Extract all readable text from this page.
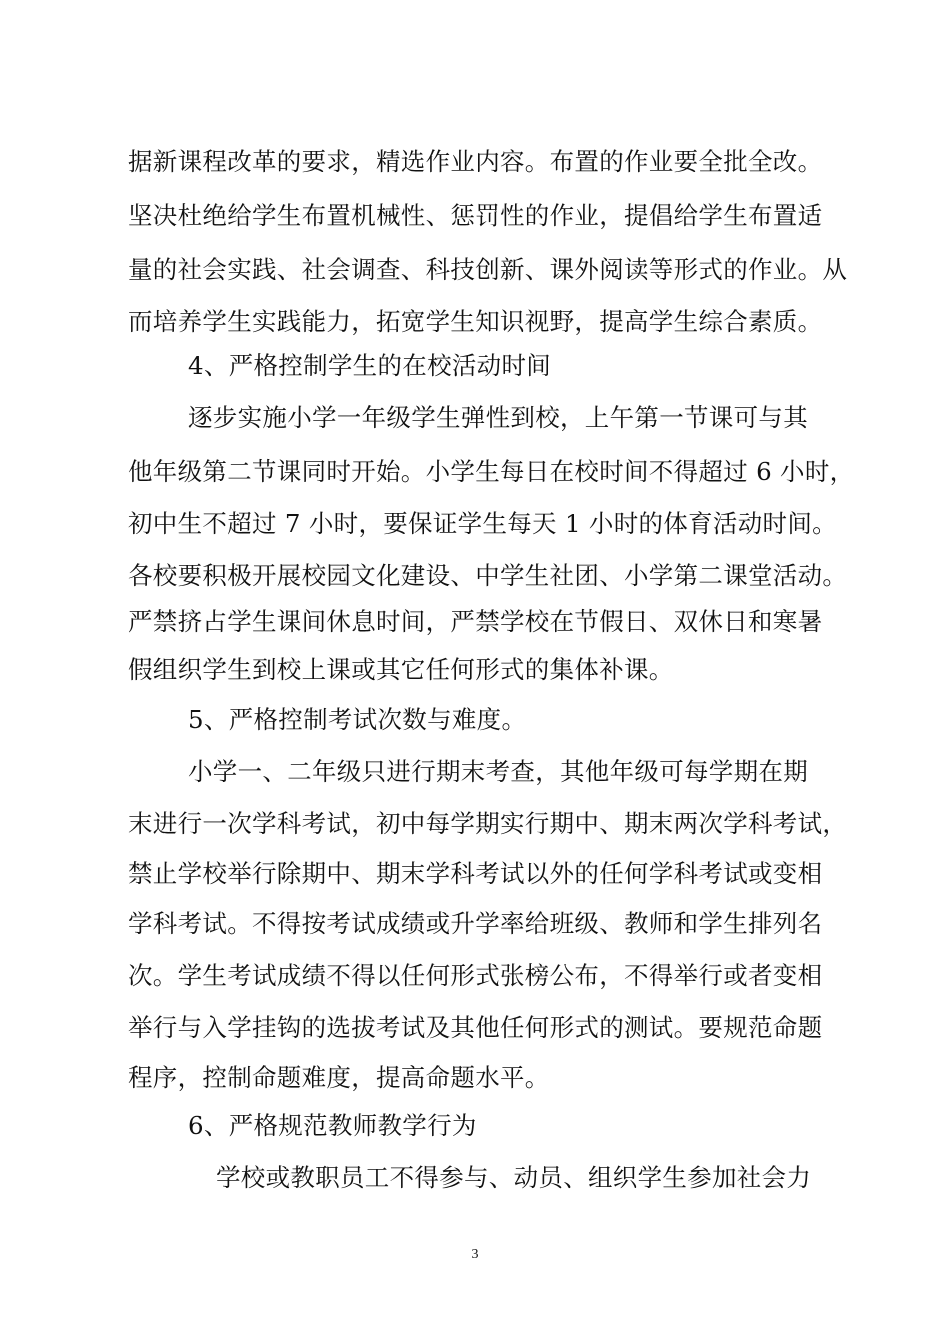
据新课程改革的要求，精选作业内容。布置的作业要全批全改。
坚决杜绝给学生布置机械性、惩罚性的作业，提倡给学生布置适
量的社会实践、社会调查、科技创新、课外阅读等形式的作业。从
而培养学生实践能力，拓宽学生知识视野，提高学生综合素质。
4、严格控制学生的在校活动时间
逐步实施小学一年级学生弹性到校，上午第一节课可与其
他年级第二节课同时开始。小学生每日在校时间不得超过 6 小时，
初中生不超过 7 小时，要保证学生每天 1 小时的体育活动时间。
各校要积极开展校园文化建设、中学生社团、小学第二课堂活动。
严禁挤占学生课间休息时间，严禁学校在节假日、双休日和寒暑
假组织学生到校上课或其它任何形式的集体补课。
5、严格控制考试次数与难度。
小学一、二年级只进行期末考查，其他年级可每学期在期
末进行一次学科考试，初中每学期实行期中、期末两次学科考试，
禁止学校举行除期中、期末学科考试以外的任何学科考试或变相
学科考试。不得按考试成绩或升学率给班级、教师和学生排列名
次。学生考试成绩不得以任何形式张榜公布，不得举行或者变相
举行与入学挂钩的选拔考试及其他任何形式的测试。要规范命题
程序，控制命题难度，提高命题水平。
6、严格规范教师教学行为
学校或教职员工不得参与、动员、组织学生参加社会力
3
